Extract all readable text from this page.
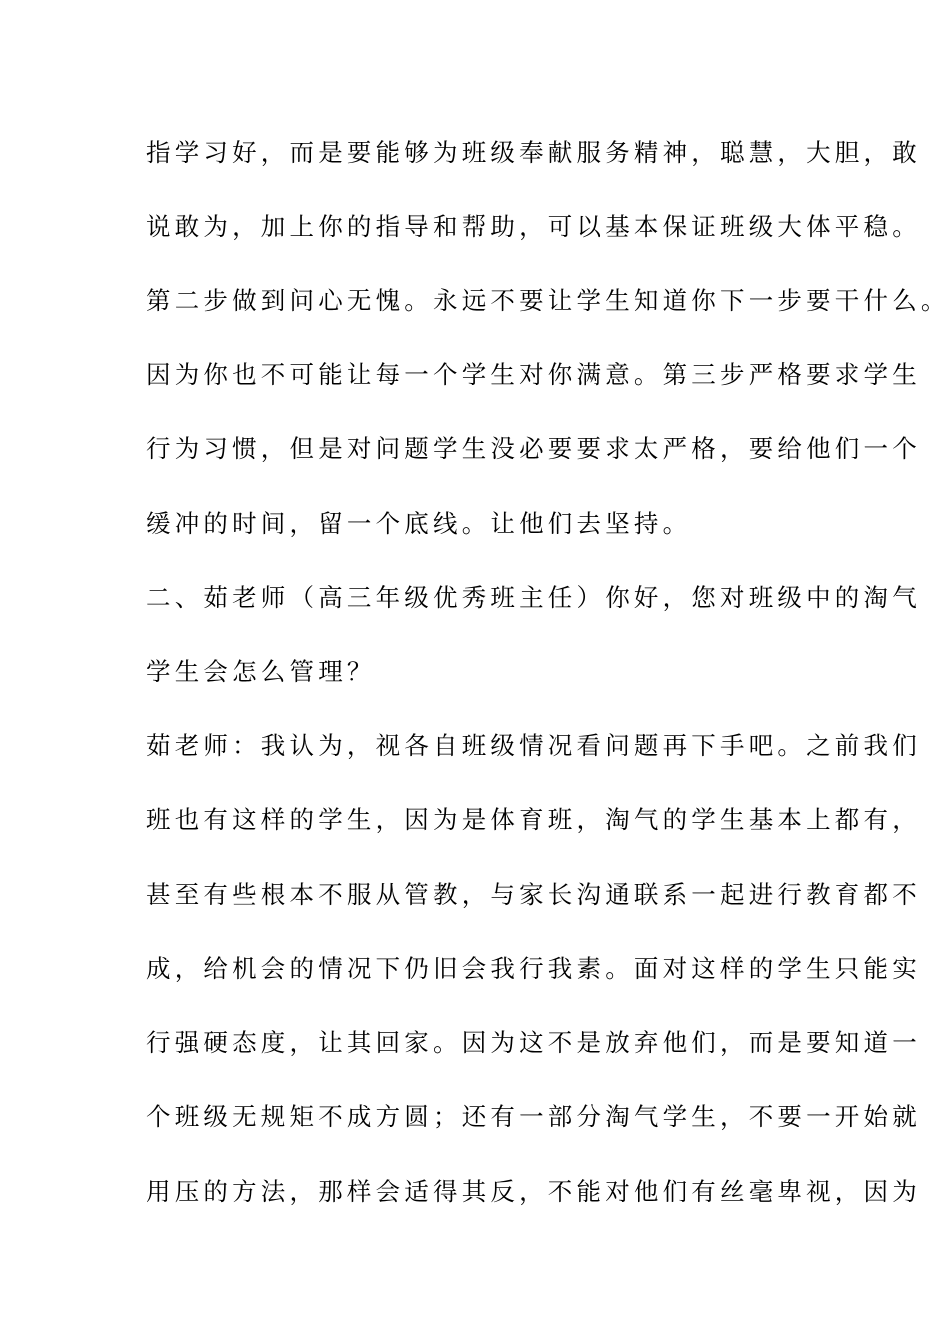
指学习好，而是要能够为班级奉献服务精神，聪慧，大胆，敢
说敢为，加上你的指导和帮助，可以基本保证班级大体平稳。
第二步做到问心无愧。永远不要让学生知道你下一步要干什么。
因为你也不可能让每一个学生对你满意。第三步严格要求学生
行为习惯，但是对问题学生没必要要求太严格，要给他们一个
缓冲的时间，留一个底线。让他们去坚持。
二、茹老师（高三年级优秀班主任）你好，您对班级中的淘气
学生会怎么管理？
茹老师：我认为，视各自班级情况看问题再下手吧。之前我们
班也有这样的学生，因为是体育班，淘气的学生基本上都有，
甚至有些根本不服从管教，与家长沟通联系一起进行教育都不
成，给机会的情况下仍旧会我行我素。面对这样的学生只能实
行强硬态度，让其回家。因为这不是放弃他们，而是要知道一
个班级无规矩不成方圆；还有一部分淘气学生，不要一开始就
用压的方法，那样会适得其反，不能对他们有丝毫卑视，因为
